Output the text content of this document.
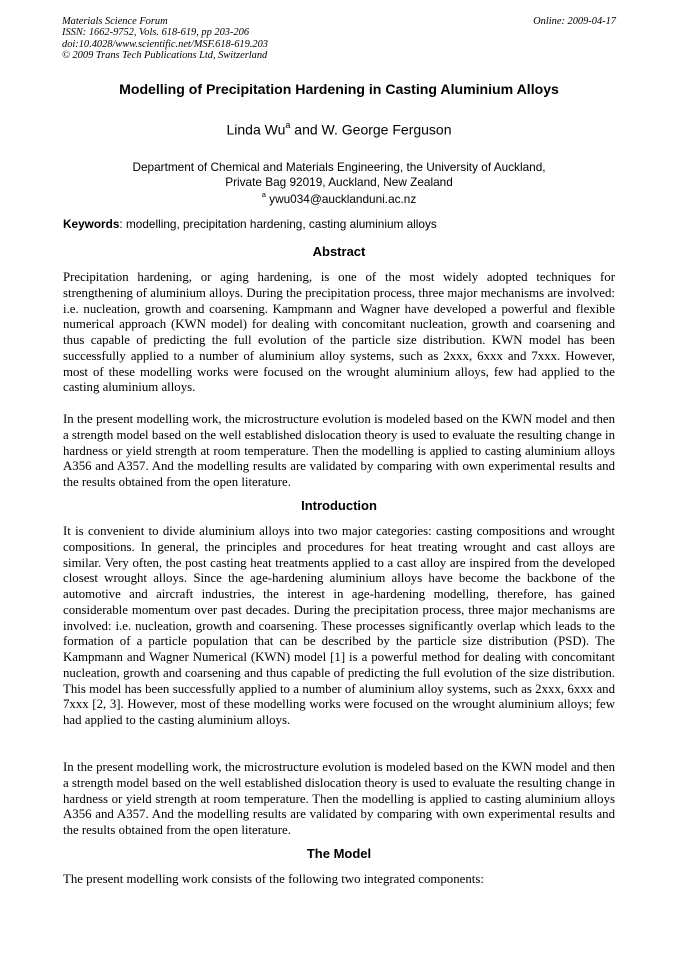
Materials Science Forum
ISSN: 1662-9752, Vols. 618-619, pp 203-206
doi:10.4028/www.scientific.net/MSF.618-619.203
© 2009 Trans Tech Publications Ltd, Switzerland
Online: 2009-04-17
Modelling of Precipitation Hardening in Casting Aluminium Alloys
Linda Wu$^a$ and W. George Ferguson
Department of Chemical and Materials Engineering, the University of Auckland,
Private Bag 92019, Auckland, New Zealand
$^a$ ywu034@aucklanduni.ac.nz
Keywords: modelling, precipitation hardening, casting aluminium alloys
Abstract

Precipitation hardening, or aging hardening, is one of the most widely adopted techniques for strengthening of aluminium alloys. During the precipitation process, three major mechanisms are involved: i.e. nucleation, growth and coarsening. Kampmann and Wagner have developed a powerful and flexible numerical approach (KWN model) for dealing with concomitant nucleation, growth and coarsening and thus capable of predicting the full evolution of the particle size distribution. KWN model has been successfully applied to a number of aluminium alloy systems, such as 2xxx, 6xxx and 7xxx. However, most of these modelling works were focused on the wrought aluminium alloys, few had applied to the casting aluminium alloys.

In the present modelling work, the microstructure evolution is modeled based on the KWN model and then a strength model based on the well established dislocation theory is used to evaluate the resulting change in hardness or yield strength at room temperature. Then the modelling is applied to casting aluminium alloys A356 and A357. And the modelling results are validated by comparing with own experimental results and the results obtained from the open literature.

Introduction

It is convenient to divide aluminium alloys into two major categories: casting compositions and wrought compositions. In general, the principles and procedures for heat treating wrought and cast alloys are similar. Very often, the post casting heat treatments applied to a cast alloy are inspired from the developed closest wrought alloys. Since the age-hardening aluminium alloys have become the backbone of the automotive and aircraft industries, the interest in age-hardening modelling, therefore, has gained considerable momentum over past decades. During the precipitation process, three major mechanisms are involved: i.e. nucleation, growth and coarsening. These processes significantly overlap which leads to the formation of a particle population that can be described by the particle size distribution (PSD). The Kampmann and Wagner Numerical (KWN) model [1] is a powerful method for dealing with concomitant nucleation, growth and coarsening and thus capable of predicting the full evolution of the size distribution. This model has been successfully applied to a number of aluminium alloy systems, such as 2xxx, 6xxx and 7xxx [2, 3]. However, most of these modelling works were focused on the wrought aluminium alloys; few had applied to the casting aluminium alloys.

In the present modelling work, the microstructure evolution is modeled based on the KWN model and then a strength model based on the well established dislocation theory is used to evaluate the resulting change in hardness or yield strength at room temperature. Then the modelling is applied to casting aluminium alloys A356 and A357. And the modelling results are validated by comparing with own experimental results and the results obtained from the open literature.

The Model

The present modelling work consists of the following two integrated components:
